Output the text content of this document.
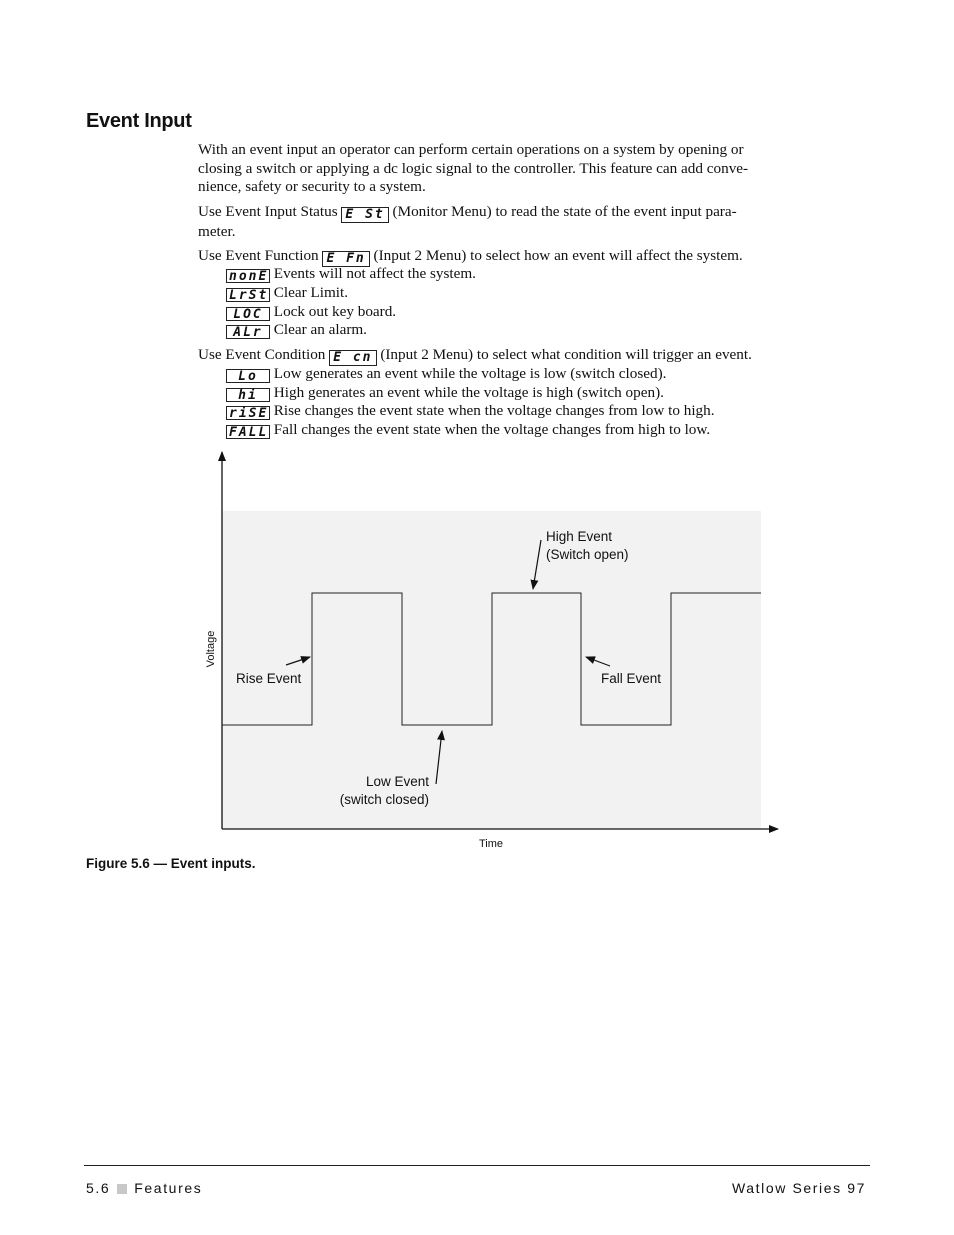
Event Input

With an event input an operator can perform certain operations on a system by opening or

closing a switch or applying a dc logic signal to the controller. This feature can add conve-

nience, safety or security to a system.

Use Event Input Status E St (Monitor Menu) to read the state of the event input para-

meter.

Use Event Function E Fn (Input 2 Menu) to select how an event will affect the system.

nonE Events will not affect the system.
LrSt Clear Limit.
LOC Lock out key board.
ALr Clear an alarm.

Use Event Condition E cn (Input 2 Menu) to select what condition will trigger an event.

Lo Low generates an event while the voltage is low (switch closed).
hi High generates an event while the voltage is high (switch open).
riSE Rise changes the event state when the voltage changes from low to high.
FALL Fall changes the event state when the voltage changes from high to low.
High Event
(Switch open)
Rise Event	Fall Event
Low Event
(switch closed)
Voltage
Time
Figure 5.6 — Event inputs.
5.6 Features	Watlow Series 97
